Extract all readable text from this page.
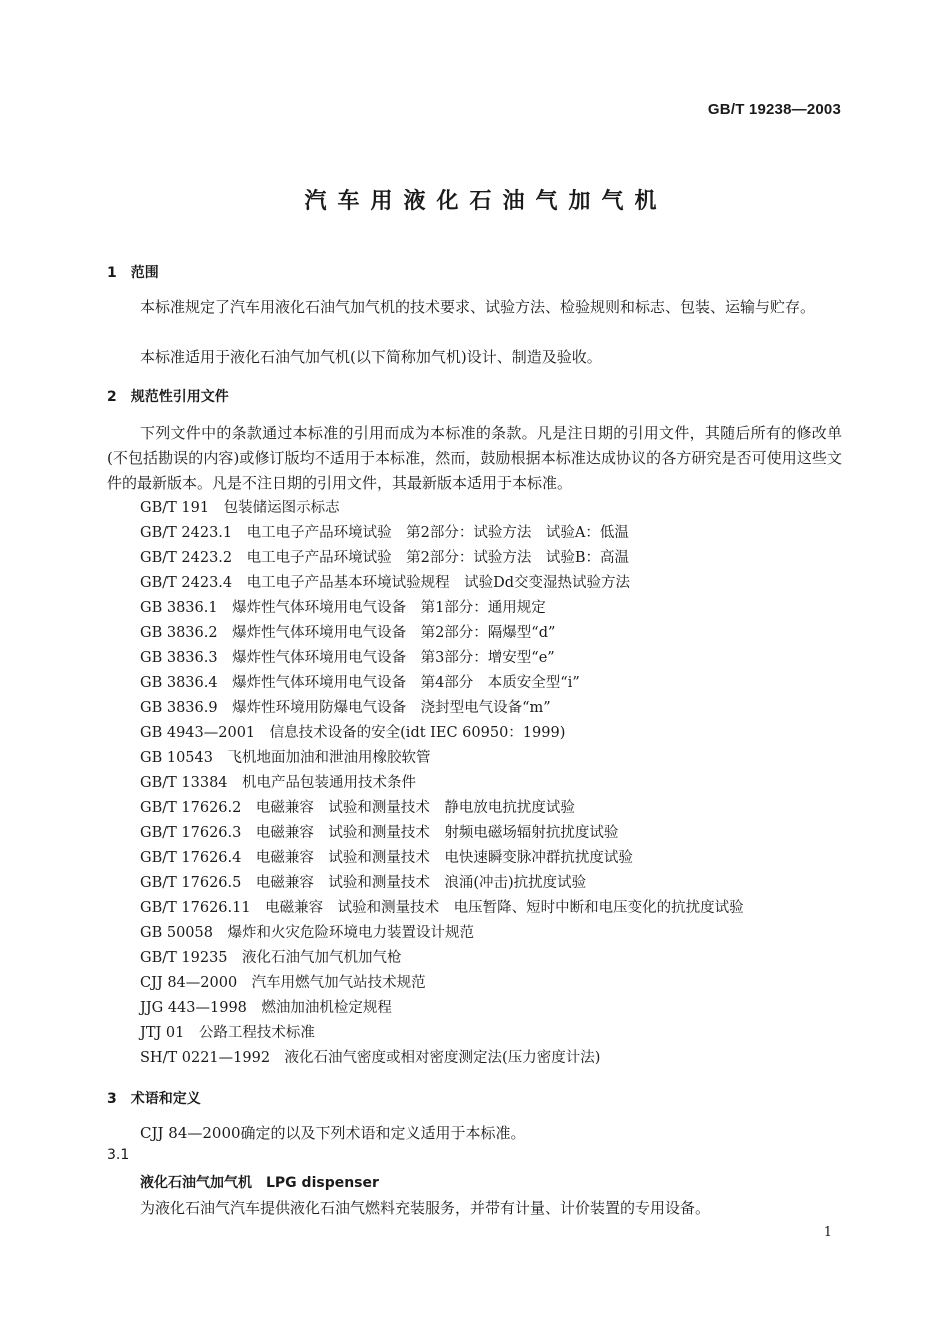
GB/T 19238—2003
汽车用液化石油气加气机
1　范围
本标准规定了汽车用液化石油气加气机的技术要求、试验方法、检验规则和标志、包装、运输与贮存。
本标准适用于液化石油气加气机(以下简称加气机)设计、制造及验收。
2　规范性引用文件
下列文件中的条款通过本标准的引用而成为本标准的条款。凡是注日期的引用文件，其随后所有的修改单(不包括勘误的内容)或修订版均不适用于本标准，然而，鼓励根据本标准达成协议的各方研究是否可使用这些文件的最新版本。凡是不注日期的引用文件，其最新版本适用于本标准。
GB/T 191　包装储运图示标志
GB/T 2423.1　电工电子产品环境试验　第2部分：试验方法　试验A：低温
GB/T 2423.2　电工电子产品环境试验　第2部分：试验方法　试验B：高温
GB/T 2423.4　电工电子产品基本环境试验规程　试验Dd交变湿热试验方法
GB 3836.1　爆炸性气体环境用电气设备　第1部分：通用规定
GB 3836.2　爆炸性气体环境用电气设备　第2部分：隔爆型“d”
GB 3836.3　爆炸性气体环境用电气设备　第3部分：增安型“e”
GB 3836.4　爆炸性气体环境用电气设备　第4部分　本质安全型“i”
GB 3836.9　爆炸性环境用防爆电气设备　浇封型电气设备“m”
GB 4943—2001　信息技术设备的安全(idt IEC 60950：1999)
GB 10543　飞机地面加油和泄油用橡胶软管
GB/T 13384　机电产品包装通用技术条件
GB/T 17626.2　电磁兼容　试验和测量技术　静电放电抗扰度试验
GB/T 17626.3　电磁兼容　试验和测量技术　射频电磁场辐射抗扰度试验
GB/T 17626.4　电磁兼容　试验和测量技术　电快速瞬变脉冲群抗扰度试验
GB/T 17626.5　电磁兼容　试验和测量技术　浪涌(冲击)抗扰度试验
GB/T 17626.11　电磁兼容　试验和测量技术　电压暂降、短时中断和电压变化的抗扰度试验
GB 50058　爆炸和火灾危险环境电力装置设计规范
GB/T 19235　液化石油气加气机加气枪
CJJ 84—2000　汽车用燃气加气站技术规范
JJG 443—1998　燃油加油机检定规程
JTJ 01　公路工程技术标准
SH/T 0221—1992　液化石油气密度或相对密度测定法(压力密度计法)
3　术语和定义
CJJ 84—2000确定的以及下列术语和定义适用于本标准。
3.1
液化石油气加气机　LPG dispenser
为液化石油气汽车提供液化石油气燃料充装服务，并带有计量、计价装置的专用设备。
1
